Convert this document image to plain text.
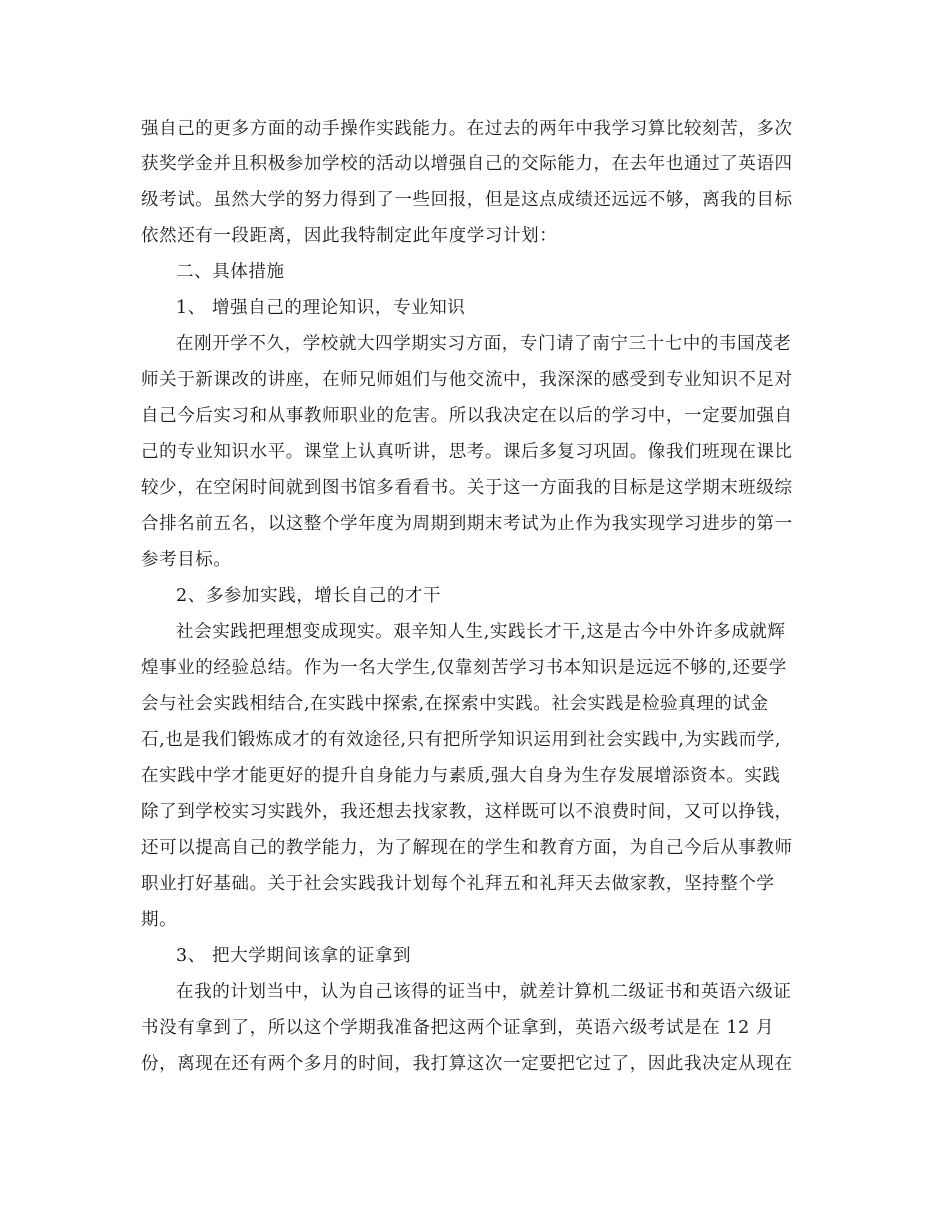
强自己的更多方面的动手操作实践能力。在过去的两年中我学习算比较刻苦，多次
获奖学金并且积极参加学校的活动以增强自己的交际能力，在去年也通过了英语四
级考试。虽然大学的努力得到了一些回报，但是这点成绩还远远不够，离我的目标
依然还有一段距离，因此我特制定此年度学习计划：
二、具体措施
1、 增强自己的理论知识，专业知识
在刚开学不久，学校就大四学期实习方面，专门请了南宁三十七中的韦国茂老
师关于新课改的讲座，在师兄师姐们与他交流中，我深深的感受到专业知识不足对
自己今后实习和从事教师职业的危害。所以我决定在以后的学习中，一定要加强自
己的专业知识水平。课堂上认真听讲，思考。课后多复习巩固。像我们班现在课比
较少，在空闲时间就到图书馆多看看书。关于这一方面我的目标是这学期末班级综
合排名前五名，以这整个学年度为周期到期末考试为止作为我实现学习进步的第一
参考目标。
2、多参加实践，增长自己的才干
社会实践把理想变成现实。艰辛知人生,实践长才干,这是古今中外许多成就辉
煌事业的经验总结。作为一名大学生,仅靠刻苦学习书本知识是远远不够的,还要学
会与社会实践相结合,在实践中探索,在探索中实践。社会实践是检验真理的试金
石,也是我们锻炼成才的有效途径,只有把所学知识运用到社会实践中,为实践而学,
在实践中学才能更好的提升自身能力与素质,强大自身为生存发展增添资本。实践
除了到学校实习实践外，我还想去找家教，这样既可以不浪费时间，又可以挣钱，
还可以提高自己的教学能力，为了解现在的学生和教育方面，为自己今后从事教师
职业打好基础。关于社会实践我计划每个礼拜五和礼拜天去做家教，坚持整个学
期。
3、 把大学期间该拿的证拿到
在我的计划当中，认为自己该得的证当中，就差计算机二级证书和英语六级证
书没有拿到了，所以这个学期我准备把这两个证拿到，英语六级考试是在 12 月
份，离现在还有两个多月的时间，我打算这次一定要把它过了，因此我决定从现在
